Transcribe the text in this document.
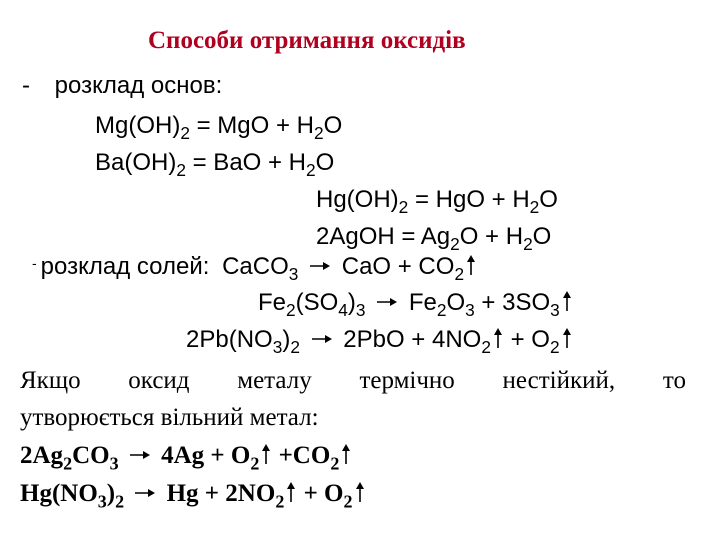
Способи отримання оксидів
- розклад основ:
$Mg(OH)_2$ = MgO + $H_2O$
$Ba(OH)_2$ = BaO + $H_2O$
$Hg(OH)_2$ = HgO + $H_2O$
2AgOH = $Ag_2O + H_2O$
- розклад солей: CaCO$_3$ CaO + $CO_2$
$Fe_2(SO_4)_3$ $Fe_2O_3 + 3SO_3$
$2Pb(NO_3)_2$ $2PbO + 4NO_2 + O_2$
Якщо оксид металу термічно нестійкий, то
утворюється вільний метал:
$2Ag_2CO_3$ $4Ag + O_2 +CO_2$
$Hg(NO_3)_2$ $Hg + 2NO_2 + O_2$
